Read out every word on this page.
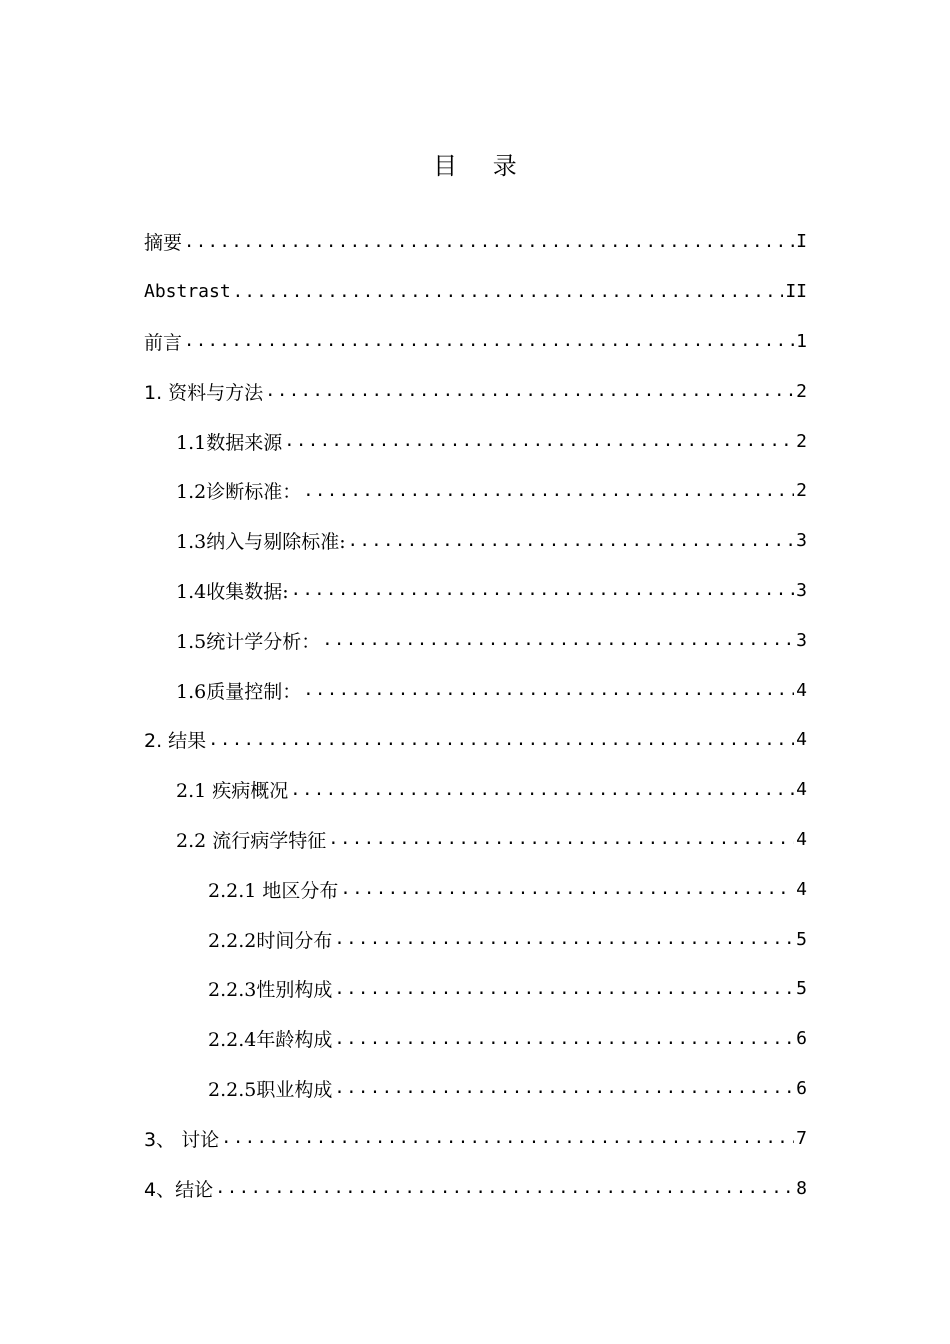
目 录
摘要 .....	I
Abstrast .....	II
前言 .....	1
1. 资料与方法 .....	2
1.1数据来源 .....	2
1.2诊断标准： .....	2
1.3纳入与剔除标准: .....	3
1.4收集数据: .....	3
1.5统计学分析： .....	3
1.6质量控制： .....	4
2. 结果 .....	4
2.1 疾病概况 .....	4
2.2 流行病学特征 .....	4
2.2.1 地区分布 .....	4
2.2.2时间分布 .....	5
2.2.3性别构成 .....	5
2.2.4年龄构成 .....	6
2.2.5职业构成 .....	6
3、 讨论 .....	7
4、结论 .....	8
